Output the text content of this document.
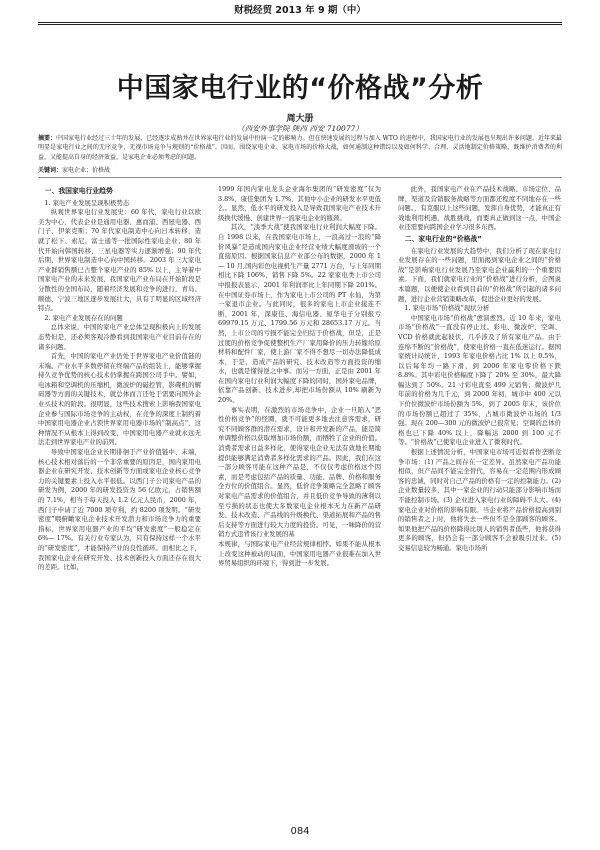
财税经贸 2013 年 9 期（中）
中国家电行业的“价格战”分析
周大册
（西安外事学院 陕西 西安 710077）
摘要：中国家电行业经过三十年的发展，已经逐步成熟并在世界家电行业的发展中扮演一定的影响力。但在快速发展的过程与加入 WTO 的进程中，我国家电行业的发展也呈现出许多问题。近年来最明显是家电行业之间的无序竞争，无视市场竞争与规则的“价格战”。因而，围绕家电企业、家电市场的价格大战，如何通制这种错综以及如何科学、合理、灵活地制定价格策略，既维护消费者的利益，又能提高自身的经济效益，是家电企业必须考虑的问题。
关键词：家电企业；价格战
一、我国家电行业趋势
1. 家电产业发展呈现积极势态

纵观世界家电行业发展史：60 年代，家电行业以欧美为中心，代表企业是通用电器、惠而浦、西屋电器、西门子、伊莱克斯；70 年代家电制造中心向日本转移，造就了松下、索尼、富士通等一批国际性家电企业；80 年代开始向韩国转移，三星电器等实力逐渐增强；90 年代后期，世界家电制造中心向中国转移。2003 年三大家电产业群销售额已占整个家电产业的 85% 以上，主导着中国家电产业的未来发展，我国家电产业布局在开始阶段是分散性的全国布局，随着经济发展和竞争的进行，青岛、顺德、宁波三地区逐步发展壮大，具有了明显的区域经济特点。

2. 家电产业发展存在的问题

总体来说，中国的家电产业总体呈现积极向上的发展态势但是，还必须客观冷静看到我国家电产业目前存在的诸多问题。

首先，中国的家电产业仍处于世界家电产业价值链的末端。产业水平多数停留在终端产品的组装上，能够掌握持久竞争优势的核心技术仍掌握在跨国公司手中。譬如，电冰箱和空调机的压缩机，微波炉的磁控管，影碟机的解码器等方面的关键技术，就总体而言还处于需要向国外企业买技术的阶段。很明显，这些技术搜索上影响我国家电企业参与国际市场竞争的主动权，在竞争的深度上制约着中国家用电器企业占领世界家用电器市场的“制高点”，这种情况不从根本上得到改变，中国家用电器产业就永远无法走到世界家电产业的前列。

导致中国家电企业长期徘徊于产业价值链中、末端，核心技术相对落后的一个非常重要的原因是，国内家用电器企业在研究开发、技术创新等方面或家电企业核心竞争力的关键要素上投入水平很低。以西门子公司家电产品的研发为例，2000 年的研发投资为 56 亿欧元，占销售额的 7.1%，相当于每天投入 1.2 亿元人民币，2000 年，西门子申请了近 7000 项专利，约 8200 项发明。“研发密度”喂俯瞰家电企业技术开发潜力和市场竞争力的重要指标，世界家用电器产业的平均“研发密度”一般稳定在 6%— 17%。有关行业专家认为，只有保持这样一个水平的“研发密度”，才能保持产业的良性循环。而相比之下，我国家电企业在研究开发、技术创新投入方面还存在很大的差距。比如，

1999 年国内家电龙头企业海尔集团的“研发密度”仅为 3.8%，康佳集团为 1.7%，其他中小企业的研发水平更低么。显然，低水平的研发投入是导致我国家电产业技术升级换代缓慢、创建世界一流家电企业的瓶颈。

其次，“淡季大战”使我国家电行业利润大幅度下降。自 1998 以来，在我国家电市场上，一浪高过一浪的“降价风暴”是造成国内家电企业经营业绩大幅度滑坡的一个直接原因。根据国家信息产业部公布的数据，2000 年 1 — 10 月,国内彩色电视机生产量 2771 万台，与上年同期相比下降 106%，销售下降 5%。22 家家电类上市公司中报报表显示，2001 年利润率比上年同期下降 201%。在中国证券市场上，作为家电上市公司的 PT 水仙，为第一家退市企业。与此同时，很多的家电上市企业接连不断，2001 年，深康佳、海信电器、厦华电子分别报亏 69979.15 万元、1799.56 万元和 28653.17 万元。当然，上市公司的亏损不能完全归结于价格战，但是，正是过度的价格竞争促使整机生产厂家用降价的压力转嫁给原材料和配件厂家，使上游厂家不得不想尽一切办法降低成本，于是，造成产品的研究、技术改造等方面投资的缩水，也就是懂得逆之中事。而另一方面，正是由 2001 年在国内家电行业利润大幅度下降的同时，国外家电品牌，依靠产品创新、技术进步,却把市场份额从 10% 刷新为 20%。

事实表明，在激烈的市场竞争中，企业一旦陷入“恶性价格竞争”的怪圈，就不可能更多地去注意客需求，研究不同顾客群的潜在需求，设计和开发新的产品，能是简单调整价格以获取增加市场份额，而牺牲了企业的价值。消费者需求日益多样化，使得家电企业无法有效地长期地提供能够满足消费者多样化需求的产品。因此，我们在这一部分顾客可能在这种产品是，不仅仅考虑价格这个因素，而是考虑包括产品的质量、功能、品牌、价格和服务全方位的价值组合。显然，低价竞争策略完全忽略了顾客对家电产品需求的价值组合，并且低价竞争导致的薄利以至亏损的状态也使大多数家电企业根本无力在新产品研发、技术改造、产品线的升级换代、渠道拓展和产品的售后支持等方面进行较大力度的投资。可见，一味降价的营销方式违背该行业发展的基

本规律，与国际家电产业经营规律相悖。如果不能从根本上改变这种被动的局面，中国家用电器产业很难在加入世界贸易组织的环境下，得到进一步发展。

此外，我国家电产业在产品技术战略、市场定位、品牌、渠道及营销服务战略等方面都还程度不同地存在一些问题。，有克服以上这些问题，发挥自身优势，才能真正有效地利用机遇，战胜挑战，而要真正做到这一点，中国企业还需要向跨国企业学习很多东西。

二、家电行业的“价格战”

在家电行业发展的大趋势中，我们分析了现在家电行业发展存在的一些问题，里面揭到家电企业之间的“价格战”是影响家电行业发展乃至家电企业赢利的一个重要因素。下面，我们就家电行业的“价格战”进行分析，会图说本篇题，以便使企业看到目前的“价格战”所引起的诸多问题，进行企业营销策略改革，促进企业更好的发展。

1. 家电市场“价格战”现状分析

中国家电市场“价格战”愈演愈烈。近 10 年来，家电市场“价格战”一直没有停止过。彩电、微波炉、空调、VCD 价格就此起彼伏，几乎涉及了所有家电产品。由于连绵不断的“价格战”，使家电价格一直在低迷运行。据国家统计局统计，1993 年家电价格占比 1% 以上 0.5%，以后每年均一路下滑，到 2006 年家电零价格下跌 8.8%。其中彩电价格幅度下降了 20% 至 30%，最大降幅达到了 50%。21 寸彩电直至 499 元销售；微波炉几年前的价格为几千元，到 2000 年初，城市中 400 元以下价位微波炉市场份额为 5%，到了 2005 年末，该价位的市场份额已超过了 35%，占城市微波炉市场的 1/3 强。现在 200—300 元的微波炉已很常见；空调的总体价格也已下降 40% 以上，降幅达 2000 到 100 元不等。“价格战”已使家电企业进入了微利时代。

根据上述情况分析，中国家电市场可近似看作垄断竞争市场：(1) 产品之间存在一定差异。虽然家电产品功能相似，但产品间不能完全替代，容易在一定范围内形成顾客的忠诚，同时对自己产品的价格有一定的控制能力。(2) 企业数量较多，其中一家企业的行动只能部分影响市场而不能控制市场。(3) 企业进入家电行业的障碍不太大。(4) 家电企业对价格的影响有限。当企业将产品价格提高到别的销售者之上时，他将失去一些但不是全部顾客的顾客。如果他把产品的价格降得比别人的销售者低些，他将获得更多的顾客，但仍会有一部分顾客不会被吸引过来。(5) 交易信息较为畅通。家电市场所

084
